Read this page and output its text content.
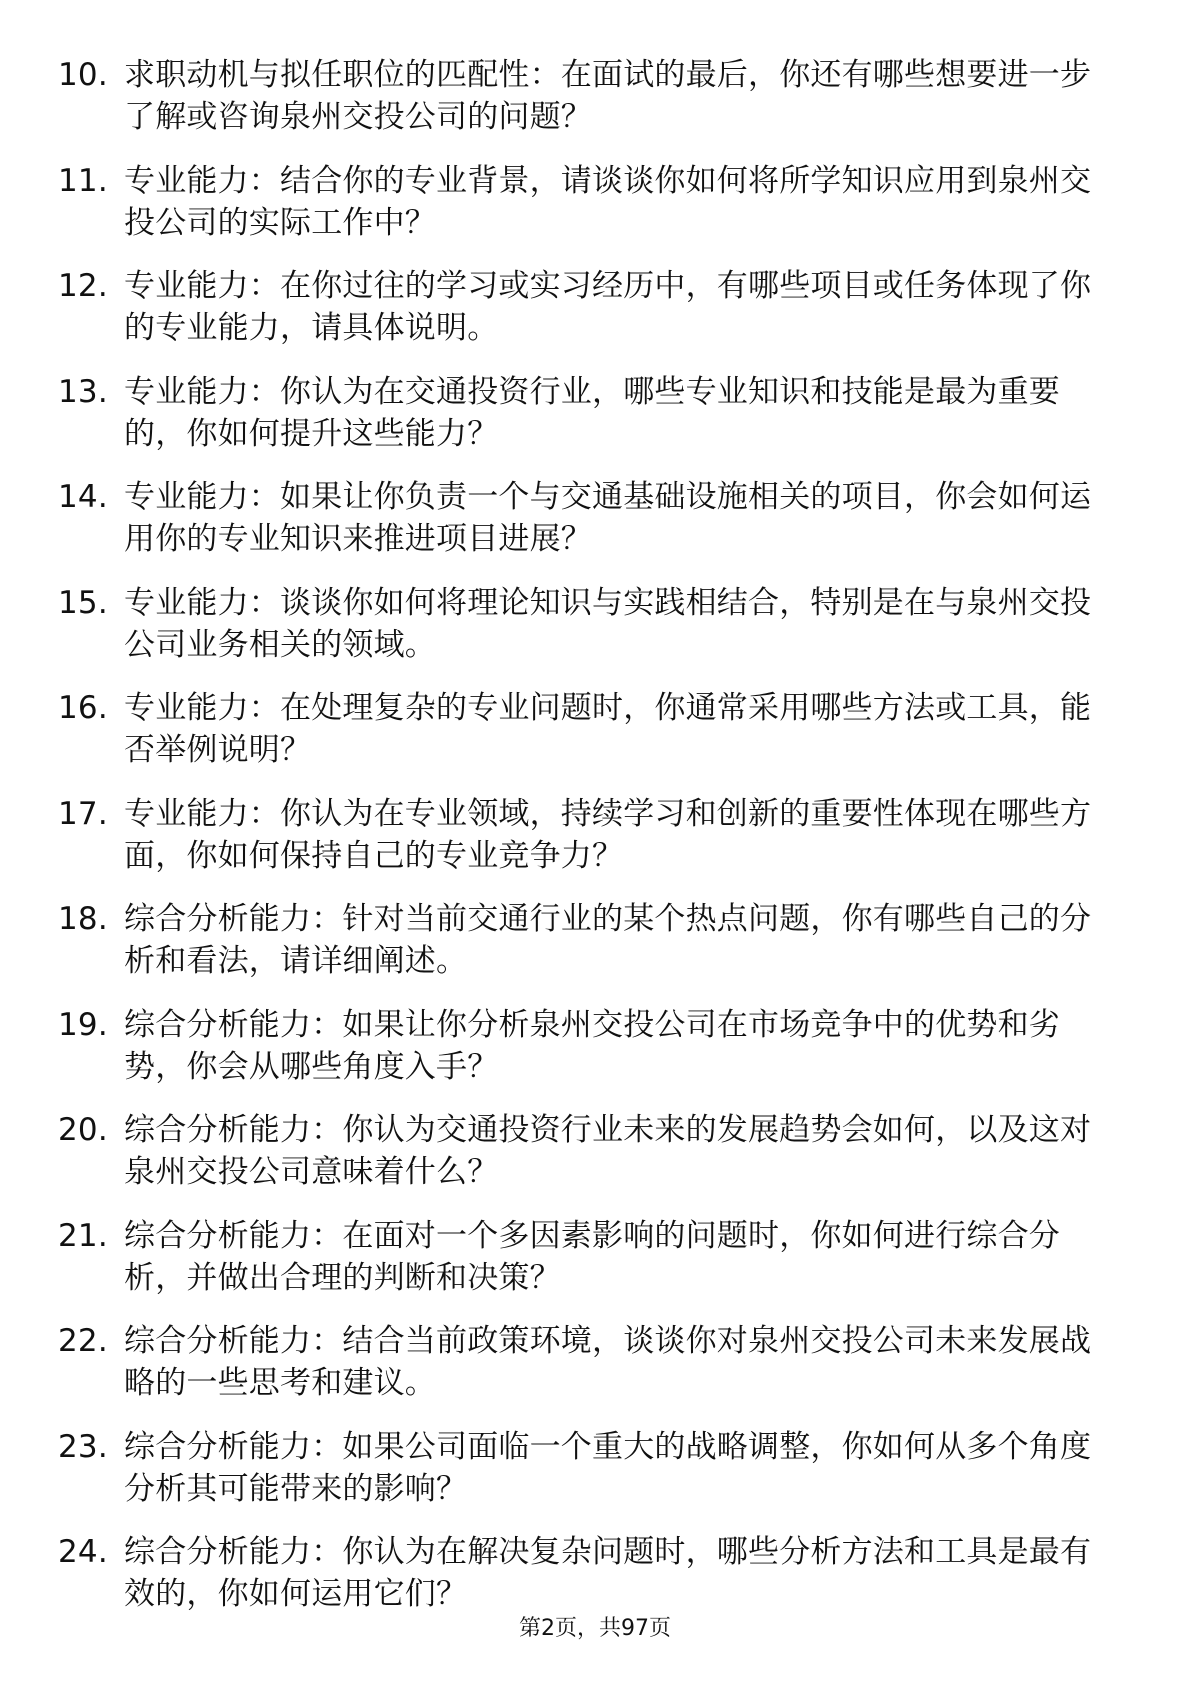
10. 求职动机与拟任职位的匹配性：在面试的最后，你还有哪些想要进一步了解或咨询泉州交投公司的问题？
11. 专业能力：结合你的专业背景，请谈谈你如何将所学知识应用到泉州交投公司的实际工作中？
12. 专业能力：在你过往的学习或实习经历中，有哪些项目或任务体现了你的专业能力，请具体说明。
13. 专业能力：你认为在交通投资行业，哪些专业知识和技能是最为重要的，你如何提升这些能力？
14. 专业能力：如果让你负责一个与交通基础设施相关的项目，你会如何运用你的专业知识来推进项目进展？
15. 专业能力：谈谈你如何将理论知识与实践相结合，特别是在与泉州交投公司业务相关的领域。
16. 专业能力：在处理复杂的专业问题时，你通常采用哪些方法或工具，能否举例说明？
17. 专业能力：你认为在专业领域，持续学习和创新的重要性体现在哪些方面，你如何保持自己的专业竞争力？
18. 综合分析能力：针对当前交通行业的某个热点问题，你有哪些自己的分析和看法，请详细阐述。
19. 综合分析能力：如果让你分析泉州交投公司在市场竞争中的优势和劣势，你会从哪些角度入手？
20. 综合分析能力：你认为交通投资行业未来的发展趋势会如何，以及这对泉州交投公司意味着什么？
21. 综合分析能力：在面对一个多因素影响的问题时，你如何进行综合分析，并做出合理的判断和决策？
22. 综合分析能力：结合当前政策环境，谈谈你对泉州交投公司未来发展战略的一些思考和建议。
23. 综合分析能力：如果公司面临一个重大的战略调整，你如何从多个角度分析其可能带来的影响？
24. 综合分析能力：你认为在解决复杂问题时，哪些分析方法和工具是最有效的，你如何运用它们？
第2页，共97页
